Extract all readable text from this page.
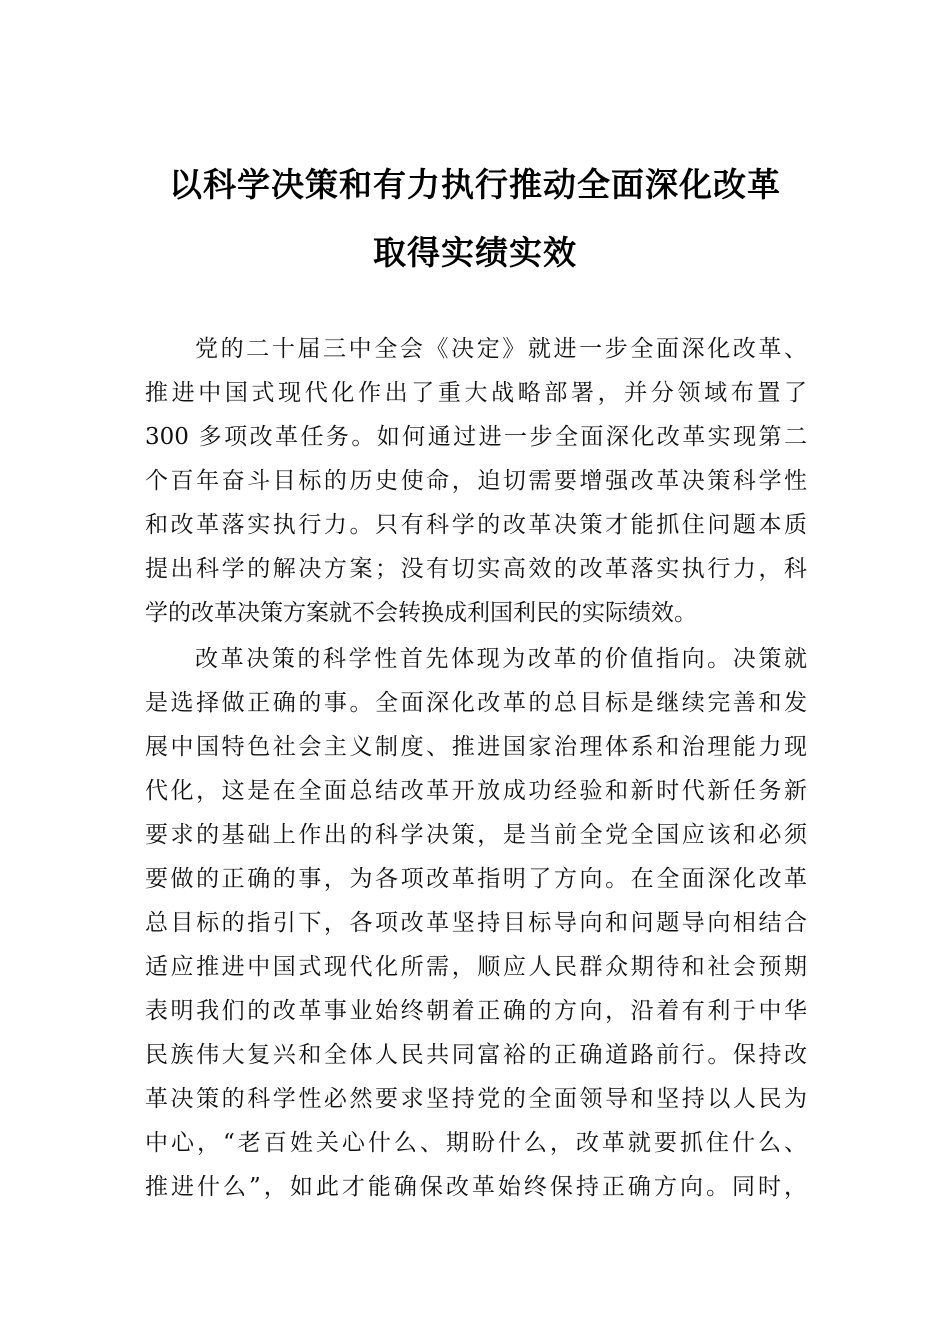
以科学决策和有力执行推动全面深化改革
取得实绩实效
党的二十届三中全会《决定》就进一步全面深化改革、
推进中国式现代化作出了重大战略部署，并分领域布置了
300 多项改革任务。如何通过进一步全面深化改革实现第二
个百年奋斗目标的历史使命，迫切需要增强改革决策科学性
和改革落实执行力。只有科学的改革决策才能抓住问题本质
提出科学的解决方案；没有切实高效的改革落实执行力，科
学的改革决策方案就不会转换成利国利民的实际绩效。
改革决策的科学性首先体现为改革的价值指向。决策就
是选择做正确的事。全面深化改革的总目标是继续完善和发
展中国特色社会主义制度、推进国家治理体系和治理能力现
代化，这是在全面总结改革开放成功经验和新时代新任务新
要求的基础上作出的科学决策，是当前全党全国应该和必须
要做的正确的事，为各项改革指明了方向。在全面深化改革
总目标的指引下，各项改革坚持目标导向和问题导向相结合
适应推进中国式现代化所需，顺应人民群众期待和社会预期
表明我们的改革事业始终朝着正确的方向，沿着有利于中华
民族伟大复兴和全体人民共同富裕的正确道路前行。保持改
革决策的科学性必然要求坚持党的全面领导和坚持以人民为
中心，“老百姓关心什么、期盼什么，改革就要抓住什么、
推进什么”，如此才能确保改革始终保持正确方向。同时，
